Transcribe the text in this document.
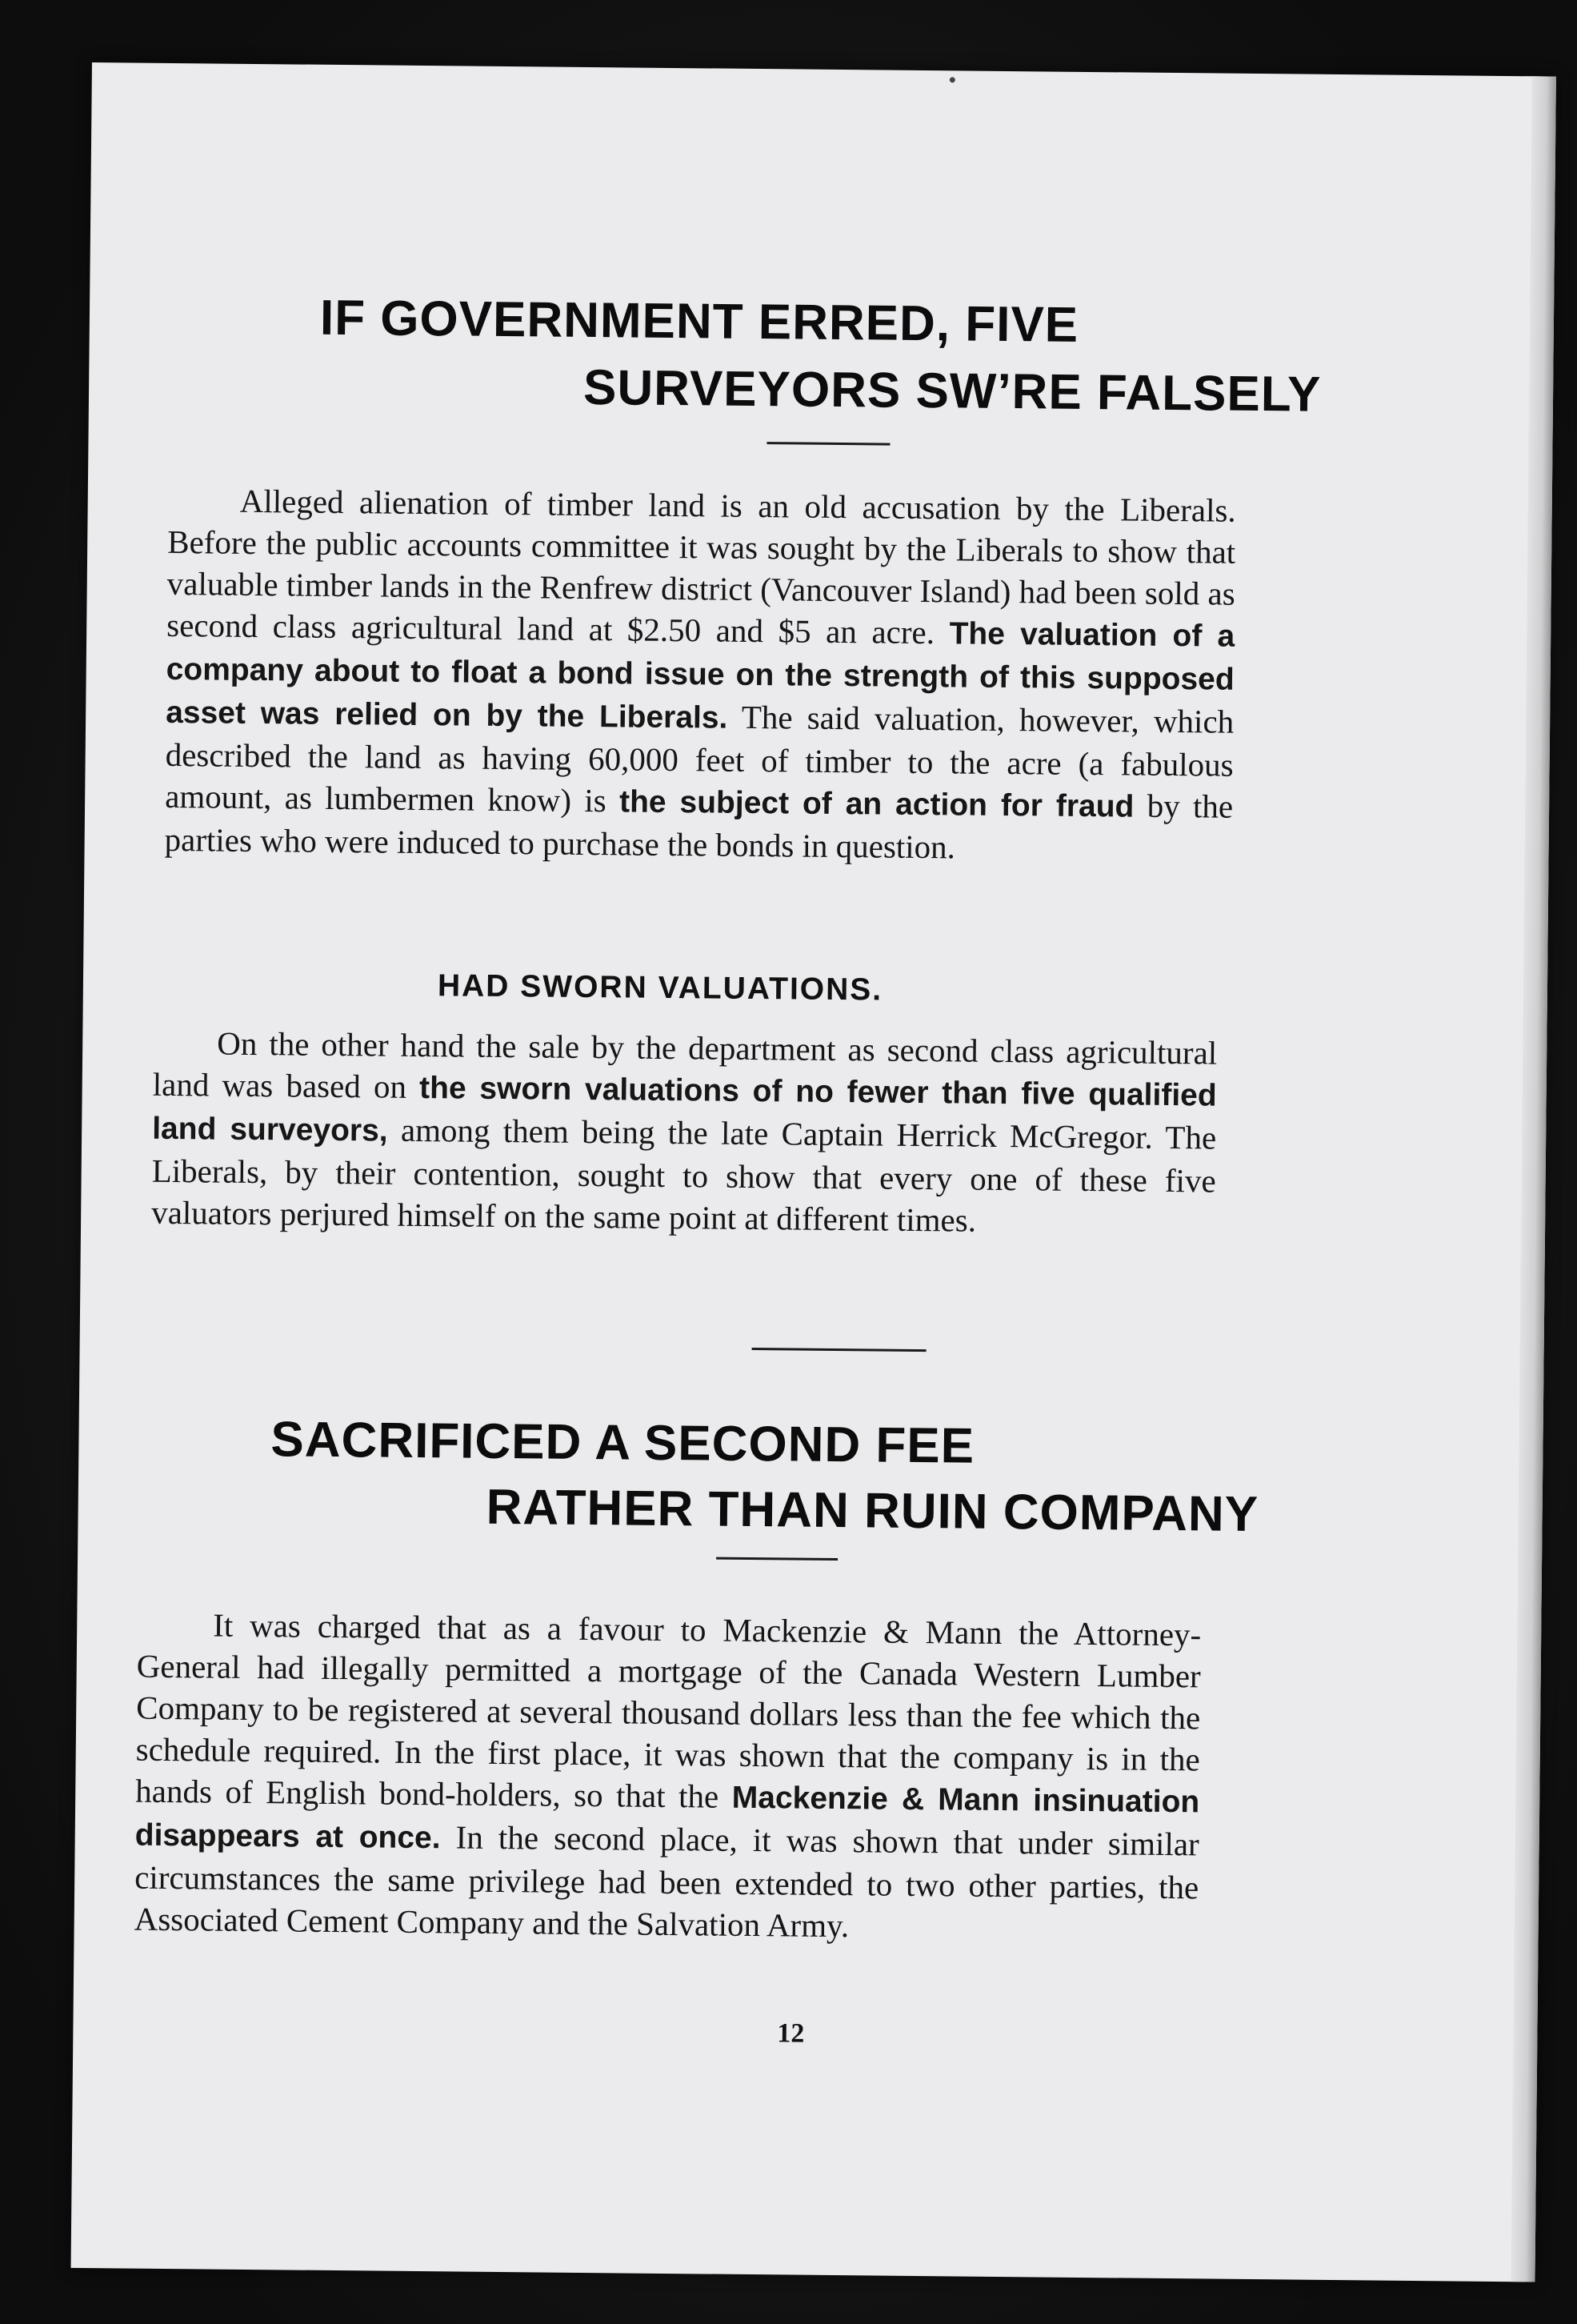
IF GOVERNMENT ERRED, FIVE
SURVEYORS SWʼRE FALSELY

Alleged alienation of timber land is an old accusation by the Liberals. Before the public accounts committee it was sought by the Liberals to show that valuable timber lands in the Renfrew district (Vancouver Island) had been sold as second class agricultural land at $2.50 and $5 an acre. The valuation of a company about to float a bond issue on the strength of this supposed asset was relied on by the Liberals. The said valuation, however, which described the land as having 60,000 feet of timber to the acre (a fabulous amount, as lumbermen know) is the subject of an action for fraud by the parties who were induced to purchase the bonds in question.

HAD SWORN VALUATIONS.

On the other hand the sale by the department as second class agricultural land was based on the sworn valuations of no fewer than five qualified land surveyors, among them being the late Captain Herrick McGregor. The Liberals, by their contention, sought to show that every one of these five valuators perjured himself on the same point at different times.

SACRIFICED A SECOND FEE
RATHER THAN RUIN COMPANY

It was charged that as a favour to Mackenzie & Mann the Attorney-General had illegally permitted a mortgage of the Canada Western Lumber Company to be registered at several thousand dollars less than the fee which the schedule required. In the first place, it was shown that the company is in the hands of English bond-holders, so that the Mackenzie & Mann insinuation disappears at once. In the second place, it was shown that under similar circumstances the same privilege had been extended to two other parties, the Associated Cement Company and the Salvation Army.

12
